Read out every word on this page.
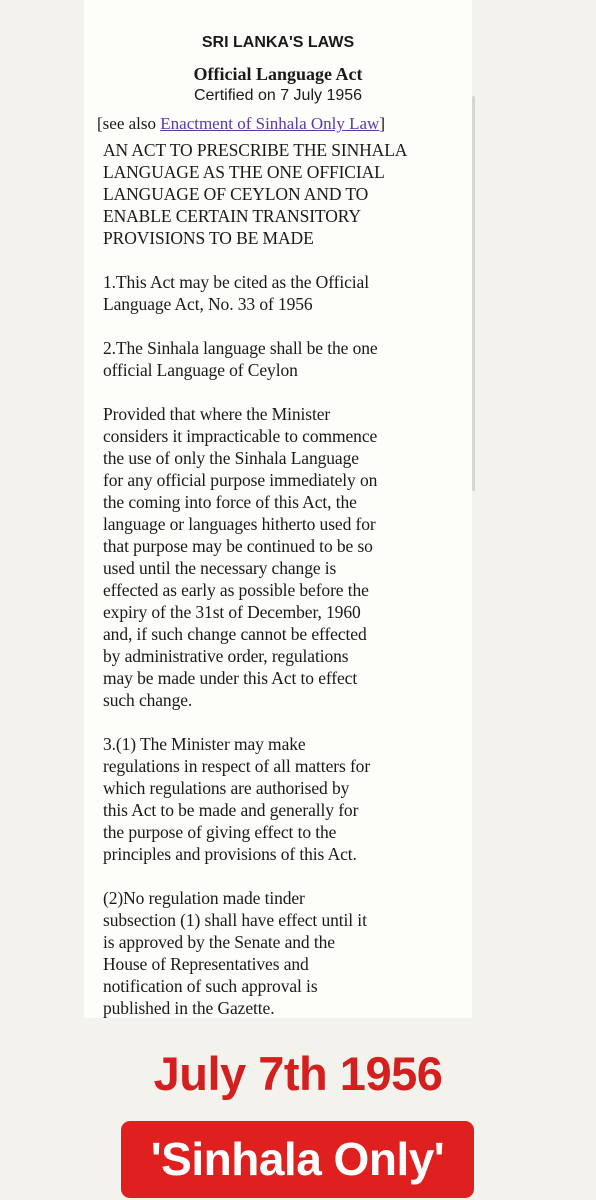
SRI LANKA'S LAWS
Official Language Act
Certified on 7 July 1956
[see also Enactment of Sinhala Only Law]
AN ACT TO PRESCRIBE THE SINHALA
LANGUAGE AS THE ONE OFFICIAL
LANGUAGE OF CEYLON AND TO
ENABLE CERTAIN TRANSITORY
PROVISIONS TO BE MADE
1.This Act may be cited as the Official
Language Act, No. 33 of 1956
2.The Sinhala language shall be the one
official Language of Ceylon
Provided that where the Minister
considers it impracticable to commence
the use of only the Sinhala Language
for any official purpose immediately on
the coming into force of this Act, the
language or languages hitherto used for
that purpose may be continued to be so
used until the necessary change is
effected as early as possible before the
expiry of the 31st of December, 1960
and, if such change cannot be effected
by administrative order, regulations
may be made under this Act to effect
such change.
3.(1) The Minister may make
regulations in respect of all matters for
which regulations are authorised by
this Act to be made and generally for
the purpose of giving effect to the
principles and provisions of this Act.
(2)No regulation made tinder
subsection (1) shall have effect until it
is approved by the Senate and the
House of Representatives and
notification of such approval is
published in the Gazette.
July 7th 1956
'Sinhala Only'
